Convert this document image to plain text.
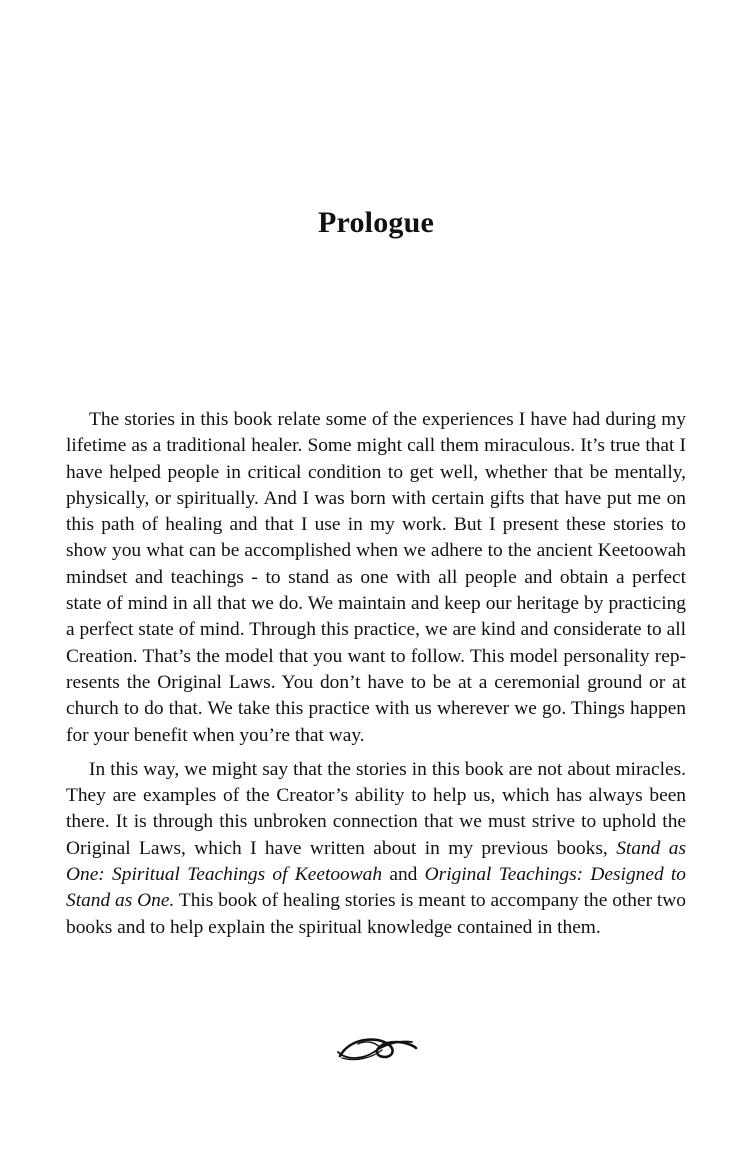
Prologue

The stories in this book relate some of the experiences I have had during my lifetime as a traditional healer. Some might call them miraculous. It’s true that I have helped people in critical condition to get well, whether that be mentally, physically, or spiritually. And I was born with certain gifts that have put me on this path of healing and that I use in my work. But I present these stories to show you what can be accomplished when we adhere to the ancient Keetoowah mindset and teachings - to stand as one with all people and obtain a perfect state of mind in all that we do. We maintain and keep our heritage by practicing a perfect state of mind. Through this practice, we are kind and considerate to all Creation. That’s the model that you want to follow. This model personality represents the Original Laws. You don’t have to be at a ceremonial ground or at church to do that. We take this practice with us wherever we go. Things happen for your benefit when you’re that way.

In this way, we might say that the stories in this book are not about miracles. They are examples of the Creator’s ability to help us, which has always been there. It is through this unbroken connection that we must strive to uphold the Original Laws, which I have written about in my previous books, Stand as One: Spiritual Teachings of Keetoowah and Original Teachings: Designed to Stand as One. This book of healing stories is meant to accompany the other two books and to help explain the spiritual knowledge contained in them.
